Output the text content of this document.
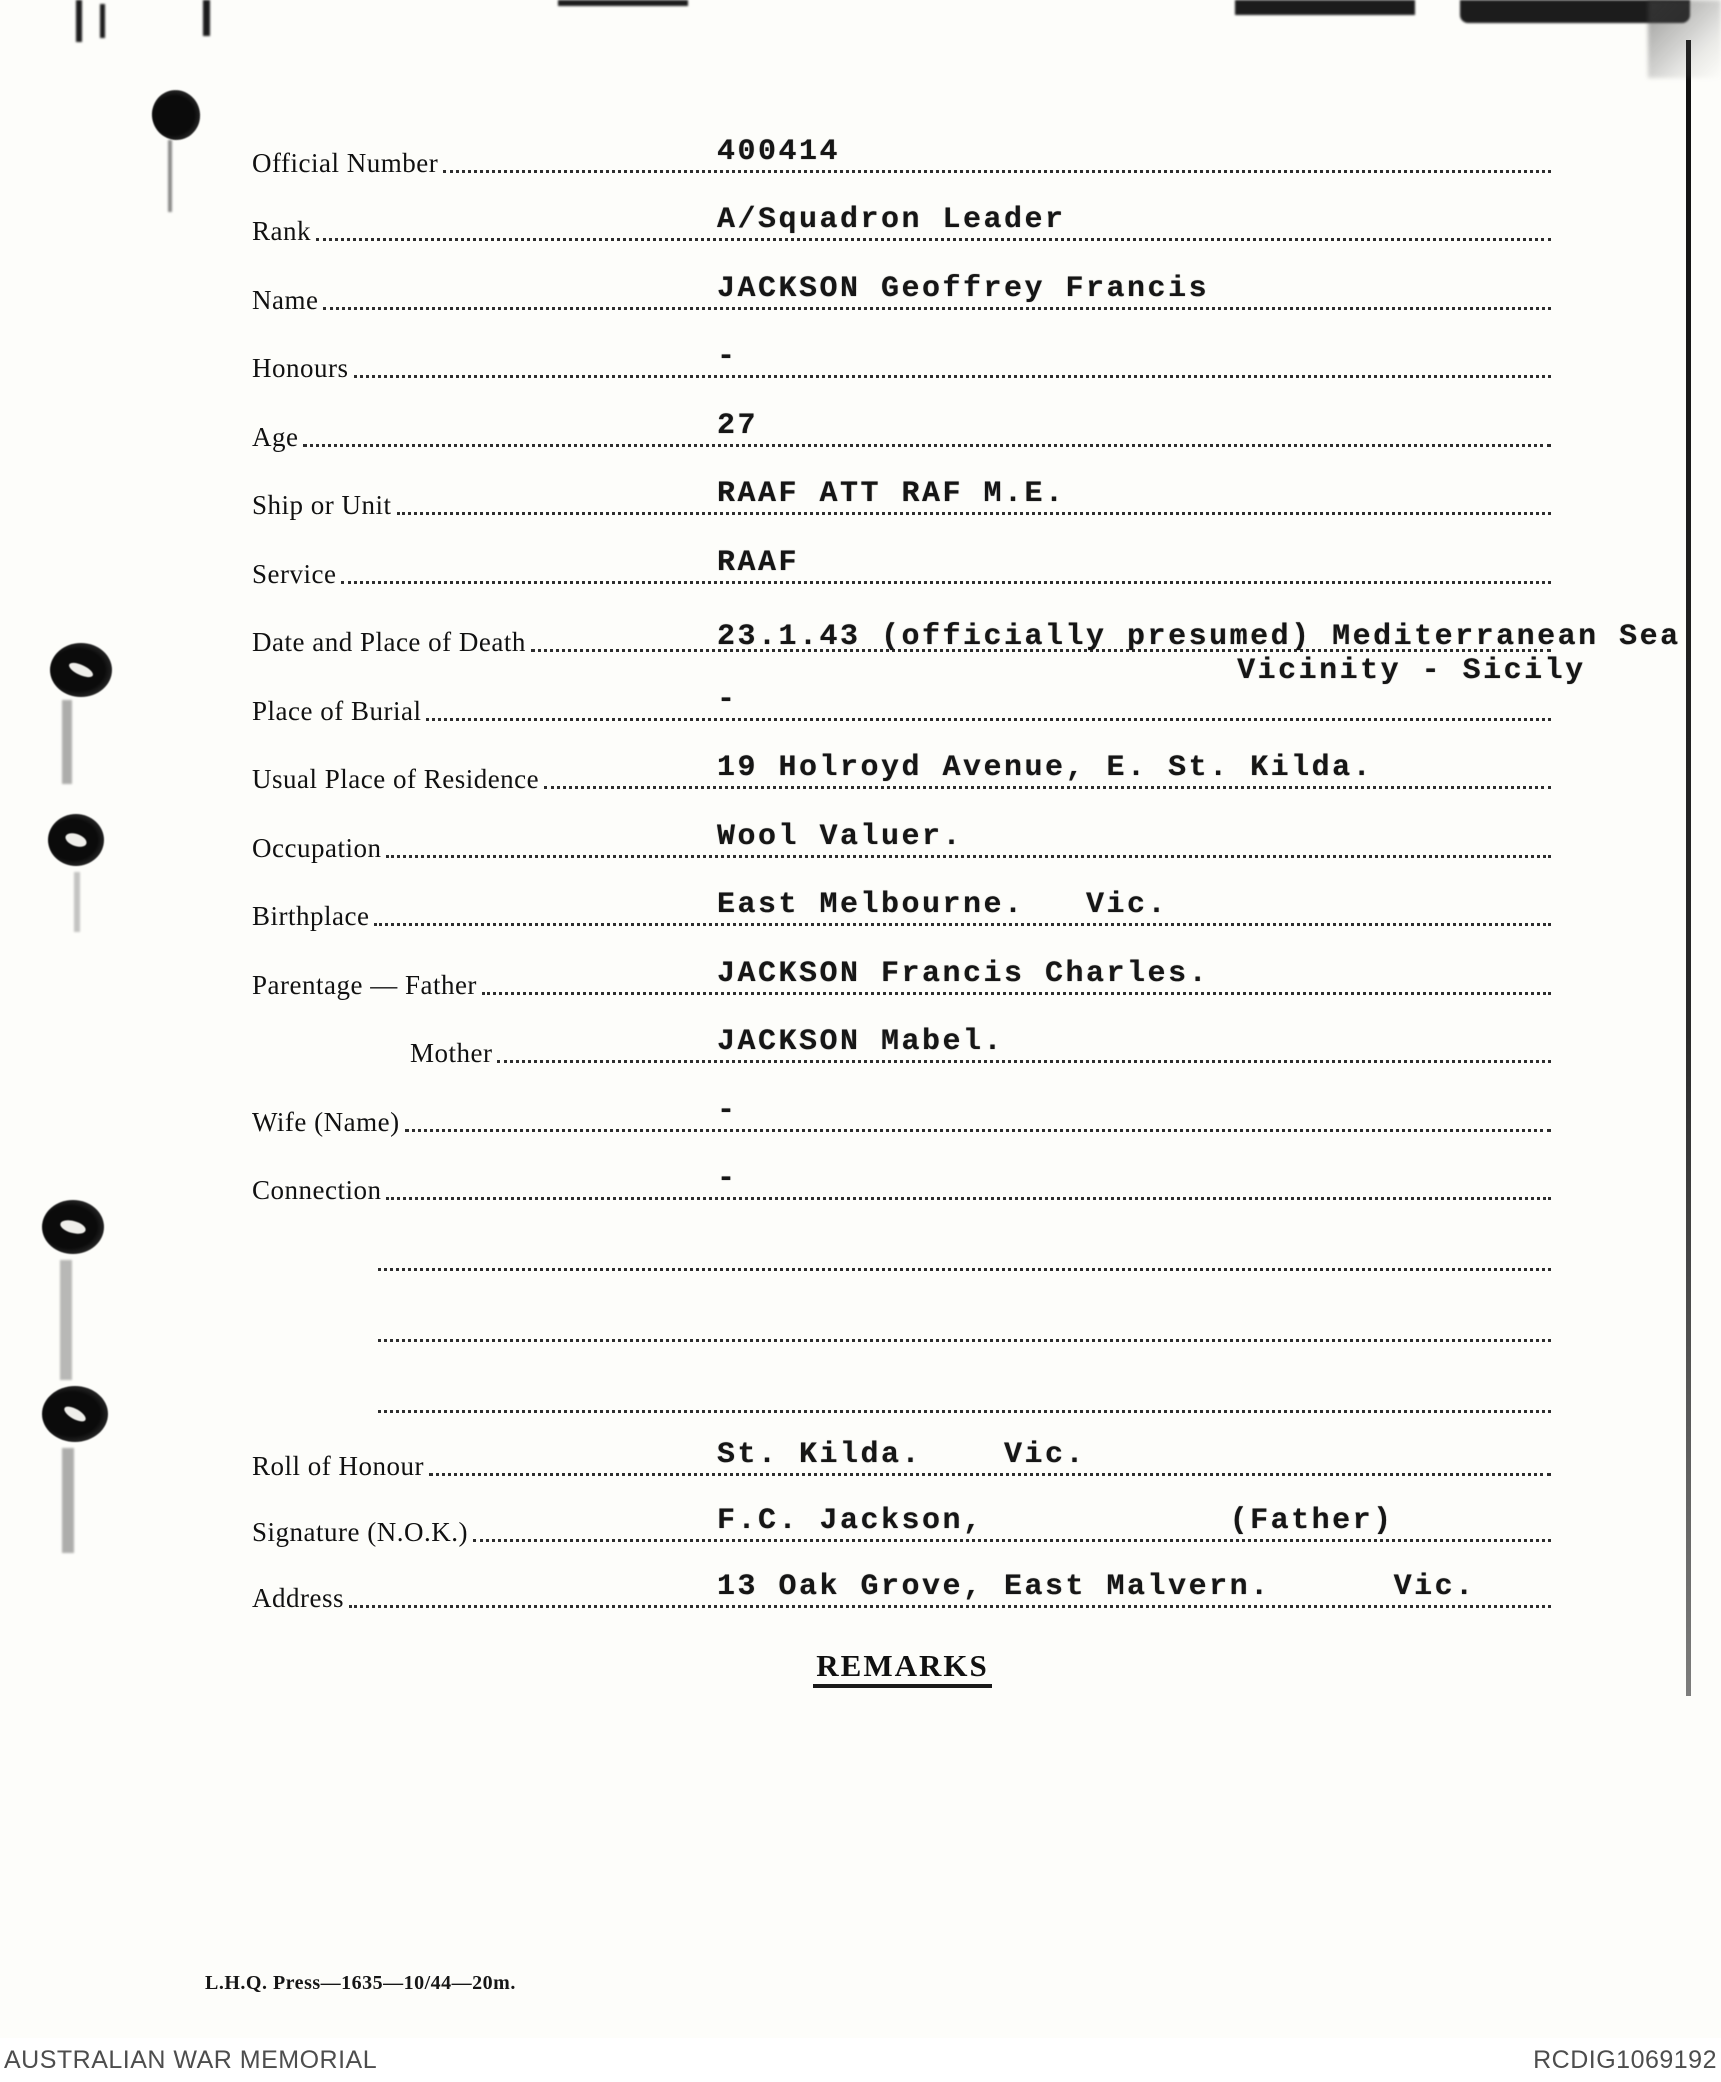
Official Number	400414
Rank	A/Squadron Leader
Name	JACKSON Geoffrey Francis
Honours	-
Age	27
Ship or Unit	RAAF ATT RAF M.E.
Service	RAAF
Date and Place of Death	23.1.43 (officially presumed) Mediterranean Sea
Vicinity - Sicily
Place of Burial	-
Usual Place of Residence	19 Holroyd Avenue, E. St. Kilda.
Occupation	Wool Valuer.
Birthplace	East Melbourne.   Vic.
Parentage — Father	JACKSON Francis Charles.
Mother	JACKSON Mabel.
Wife (Name)	-
Connection	-
Roll of Honour	St. Kilda.    Vic.
Signature (N.O.K.)	F.C. Jackson,            (Father)
Address	13 Oak Grove, East Malvern.      Vic.
REMARKS
L.H.Q. Press—1635—10/44—20m.
AUSTRALIAN WAR MEMORIAL	RCDIG1069192
